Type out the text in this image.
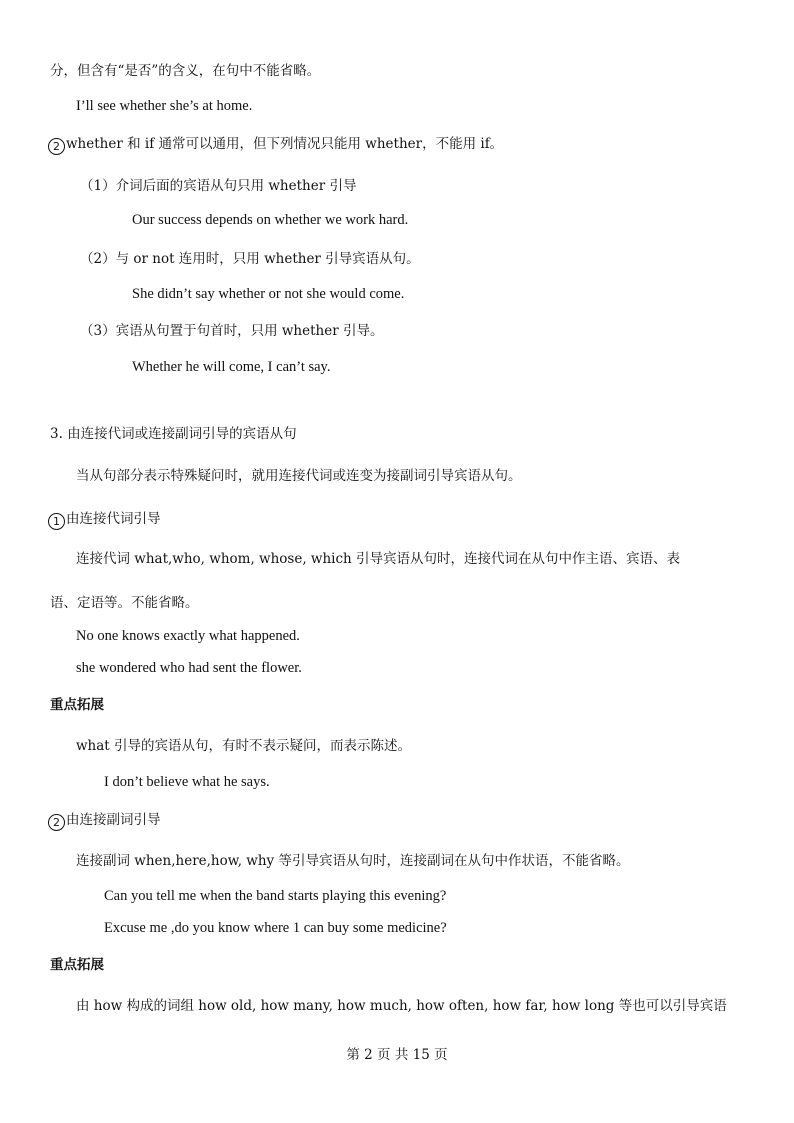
分，但含有“是否”的含义，在句中不能省略。
I’ll see whether she’s at home.
2 whether 和 if 通常可以通用，但下列情况只能用 whether，不能用 if。
（1）介词后面的宾语从句只用 whether 引导
Our success depends on whether we work hard.
（2）与 or not 连用时，只用 whether 引导宾语从句。
She didn’t say whether or not she would come.
（3）宾语从句置于句首时，只用 whether 引导。
Whether he will come, I can’t say.
3. 由连接代词或连接副词引导的宾语从句
当从句部分表示特殊疑问时，就用连接代词或连变为接副词引导宾语从句。
1 由连接代词引导
连接代词 what,who, whom, whose, which 引导宾语从句时，连接代词在从句中作主语、宾语、表
语、定语等。不能省略。
No one knows exactly what happened.
she wondered who had sent the flower.
重点拓展
what 引导的宾语从句，有时不表示疑问，而表示陈述。
I don’t believe what he says.
2 由连接副词引导
连接副词 when,here,how, why 等引导宾语从句时，连接副词在从句中作状语，不能省略。
Can you tell me when the band starts playing this evening?
Excuse me ,do you know where 1 can buy some medicine?
重点拓展
由 how 构成的词组 how old, how many, how much, how often, how far, how long 等也可以引导宾语
第 2 页 共 15 页
